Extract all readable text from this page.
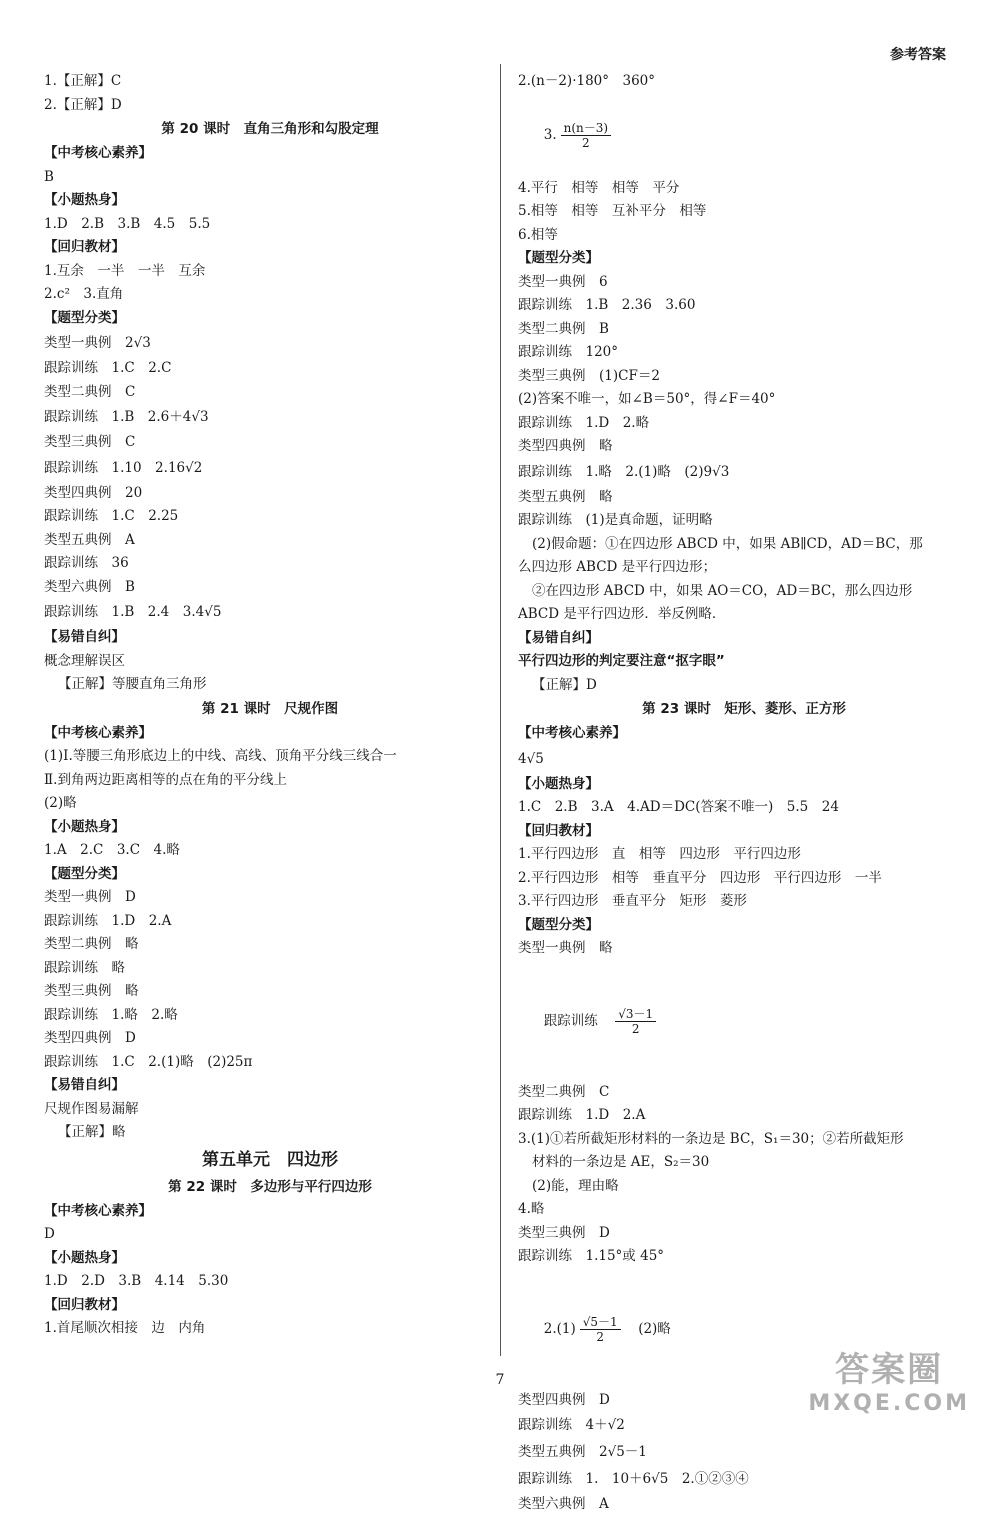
参考答案
1.【正解】C
2.【正解】D
第 20 课时　直角三角形和勾股定理
【中考核心素养】
B
【小题热身】
1.D　2.B　3.B　4.5　5.5
【回归教材】
1.互余　一半　一半　互余
2.c²　3.直角
【题型分类】
类型一典例　2√3
跟踪训练　1.C　2.C
类型二典例　C
跟踪训练　1.B　2.6＋4√3
类型三典例　C
跟踪训练　1.10　2.16√2
类型四典例　20
跟踪训练　1.C　2.25
类型五典例　A
跟踪训练　36
类型六典例　B
跟踪训练　1.B　2.4　3.4√5
【易错自纠】
概念理解误区
【正解】等腰直角三角形
第 21 课时　尺规作图
【中考核心素养】
(1)Ⅰ.等腰三角形底边上的中线、高线、顶角平分线三线合一
Ⅱ.到角两边距离相等的点在角的平分线上
(2)略
【小题热身】
1.A　2.C　3.C　4.略
【题型分类】
类型一典例　D
跟踪训练　1.D　2.A
类型二典例　略
跟踪训练　略
类型三典例　略
跟踪训练　1.略　2.略
类型四典例　D
跟踪训练　1.C　2.(1)略　(2)25π
【易错自纠】
尺规作图易漏解
【正解】略
第五单元　四边形
第 22 课时　多边形与平行四边形
【中考核心素养】
D
【小题热身】
1.D　2.D　3.B　4.14　5.30
【回归教材】
1.首尾顺次相接　边　内角
2.(n－2)·180°　360°

3. $\frac{n(n-3)}{2}$

4.平行　相等　相等　平分
5.相等　相等　互补平分　相等
6.相等
【题型分类】
类型一典例　6
跟踪训练　1.B　2.36　3.60
类型二典例　B
跟踪训练　120°
类型三典例　(1)CF＝2
(2)答案不唯一，如∠B＝50°，得∠F＝40°
跟踪训练　1.D　2.略
类型四典例　略
跟踪训练　1.略　2.(1)略　(2)9√3
类型五典例　略
跟踪训练　(1)是真命题，证明略
(2)假命题：①在四边形 ABCD 中，如果 AB∥CD，AD＝BC，那
么四边形 ABCD 是平行四边形；
②在四边形 ABCD 中，如果 AO＝CO，AD＝BC，那么四边形
ABCD 是平行四边形．举反例略．
【易错自纠】
平行四边形的判定要注意“抠字眼”
【正解】D
第 23 课时　矩形、菱形、正方形
【中考核心素养】
4√5
【小题热身】
1.C　2.B　3.A　4.AD＝DC(答案不唯一)　5.5　24
【回归教材】
1.平行四边形　直　相等　四边形　平行四边形
2.平行四边形　相等　垂直平分　四边形　平行四边形　一半
3.平行四边形　垂直平分　矩形　菱形
【题型分类】
类型一典例　略

跟踪训练　 $\frac{√3-1}{2}$

类型二典例　C
跟踪训练　1.D　2.A
3.(1)①若所截矩形材料的一条边是 BC，S₁＝30；②若所截矩形
材料的一条边是 AE，S₂＝30
(2)能，理由略
4.略
类型三典例　D
跟踪训练　1.15°或 45°

$2.(1) \frac{√5-1}{2}$
　 (2)略

类型四典例　D
跟踪训练　4＋√2
类型五典例　2√5－1
跟踪训练　1.　10＋6√5　2.①②③④
类型六典例　A
7	答案圈
MXQE.COM
